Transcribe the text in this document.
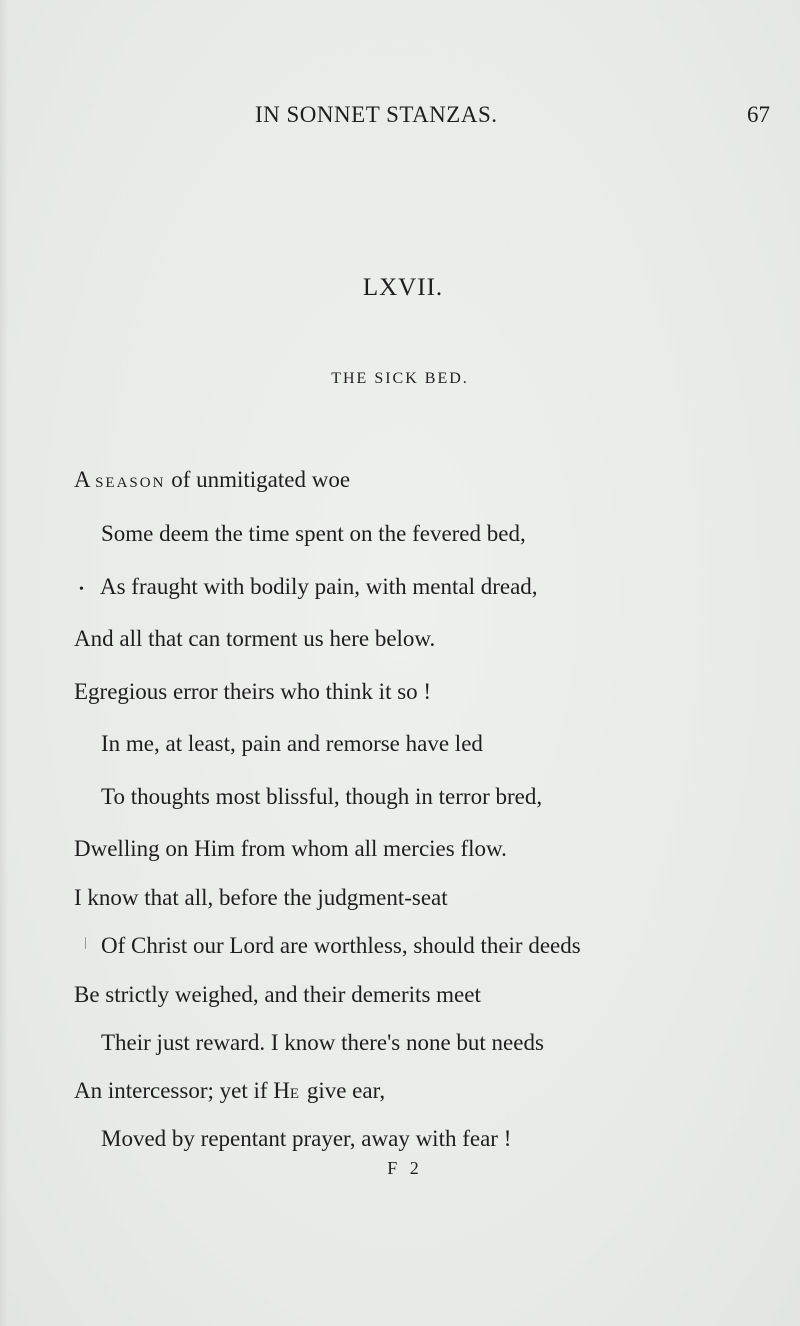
IN SONNET STANZAS.	67
LXVII.
THE SICK BED.
A SEASON of unmitigated woe
Some deem the time spent on the fevered bed,
• As fraught with bodily pain, with mental dread,
And all that can torment us here below.
Egregious error theirs who think it so !
In me, at least, pain and remorse have led
To thoughts most blissful, though in terror bred,
Dwelling on Him from whom all mercies flow.
I know that all, before the judgment-seat
Of Christ our Lord are worthless, should their deeds
Be strictly weighed, and their demerits meet
Their just reward. I know there's none but needs
An intercessor; yet if HE give ear,
Moved by repentant prayer, away with fear !
F 2
